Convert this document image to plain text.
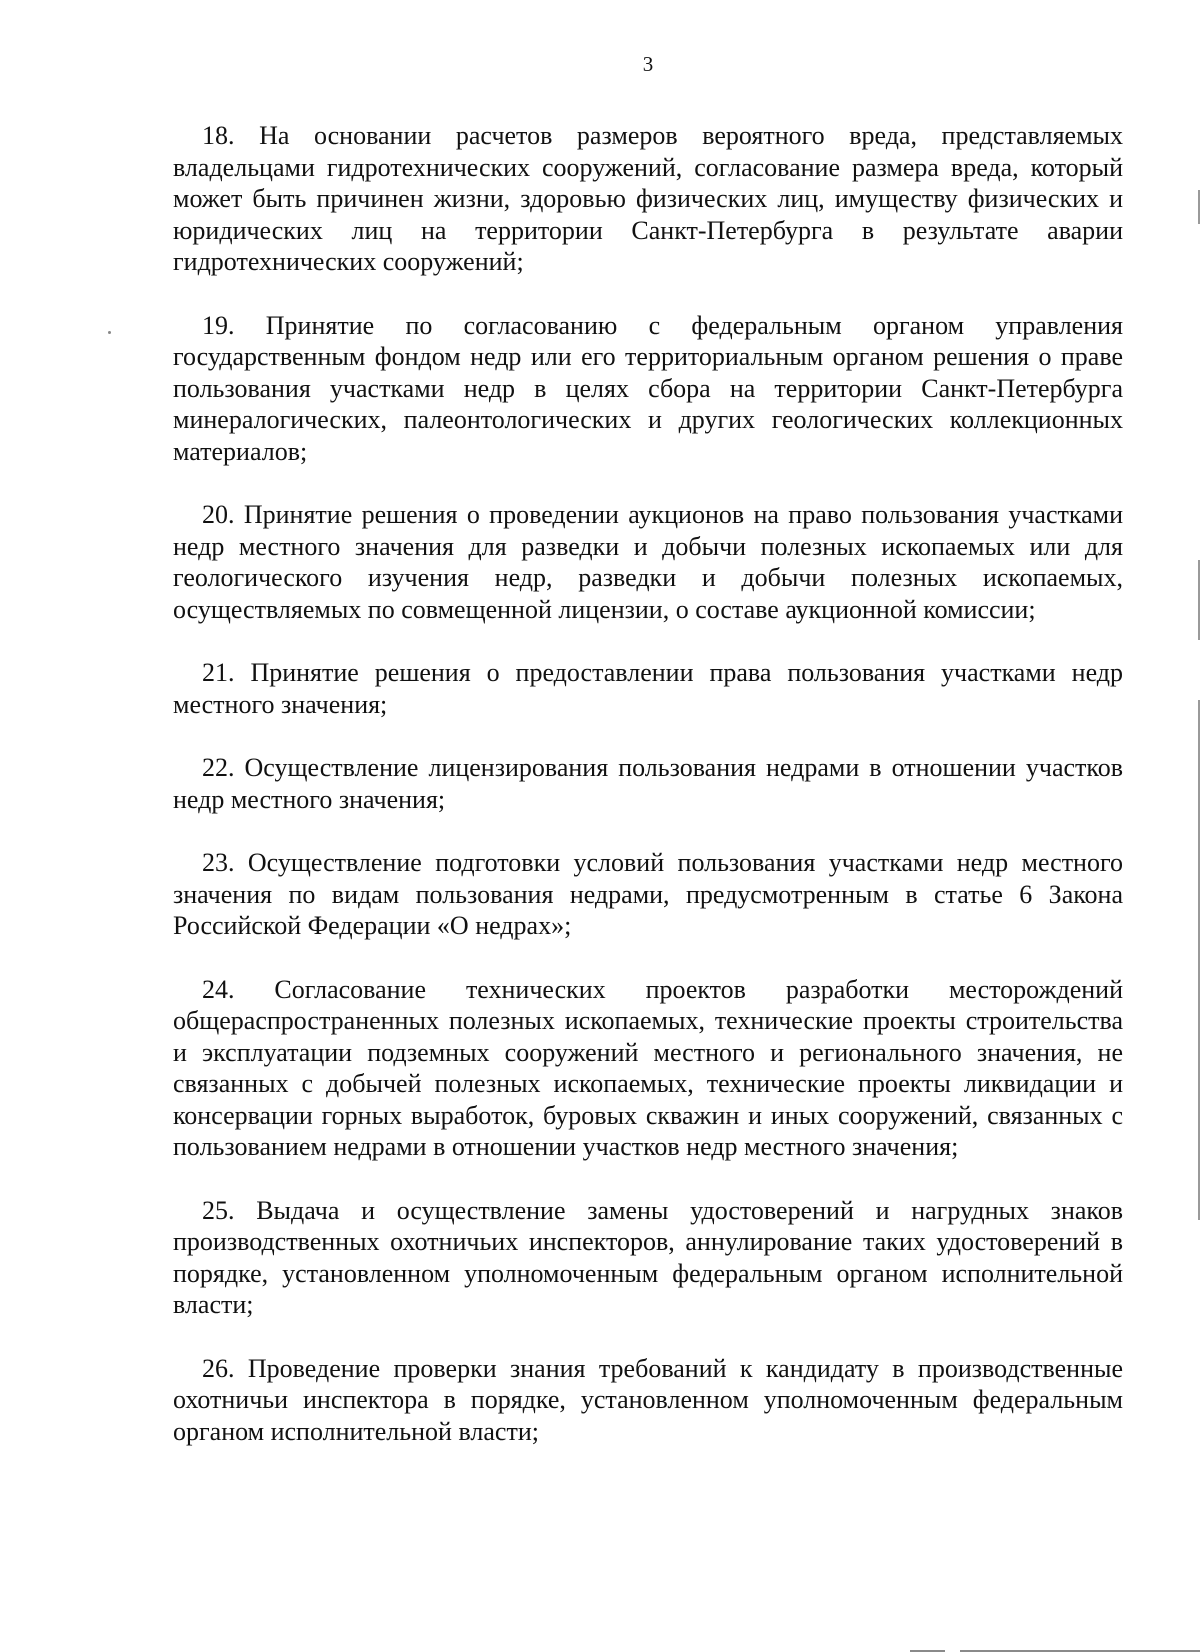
3

18. На основании расчетов размеров вероятного вреда, представляемых владельцами гидротехнических сооружений, согласование размера вреда, который может быть причинен жизни, здоровью физических лиц, имуществу физических и юридических лиц на территории Санкт-Петербурга в результате аварии гидротехнических сооружений;

19. Принятие по согласованию с федеральным органом управления государственным фондом недр или его территориальным органом решения о праве пользования участками недр в целях сбора на территории Санкт-Петербурга минералогических, палеонтологических и других геологических коллекционных материалов;

20. Принятие решения о проведении аукционов на право пользования участками недр местного значения для разведки и добычи полезных ископаемых или для геологического изучения недр, разведки и добычи полезных ископаемых, осуществляемых по совмещенной лицензии, о составе аукционной комиссии;

21. Принятие решения о предоставлении права пользования участками недр местного значения;

22. Осуществление лицензирования пользования недрами в отношении участков недр местного значения;

23. Осуществление подготовки условий пользования участками недр местного значения по видам пользования недрами, предусмотренным в статье 6 Закона Российской Федерации «О недрах»;

24. Согласование технических проектов разработки месторождений общераспространенных полезных ископаемых, технические проекты строительства и эксплуатации подземных сооружений местного и регионального значения, не связанных с добычей полезных ископаемых, технические проекты ликвидации и консервации горных выработок, буровых скважин и иных сооружений, связанных с пользованием недрами в отношении участков недр местного значения;

25. Выдача и осуществление замены удостоверений и нагрудных знаков производственных охотничьих инспекторов, аннулирование таких удостоверений в порядке, установленном уполномоченным федеральным органом исполнительной власти;

26. Проведение проверки знания требований к кандидату в производственные охотничьи инспектора в порядке, установленном уполномоченным федеральным органом исполнительной власти;
